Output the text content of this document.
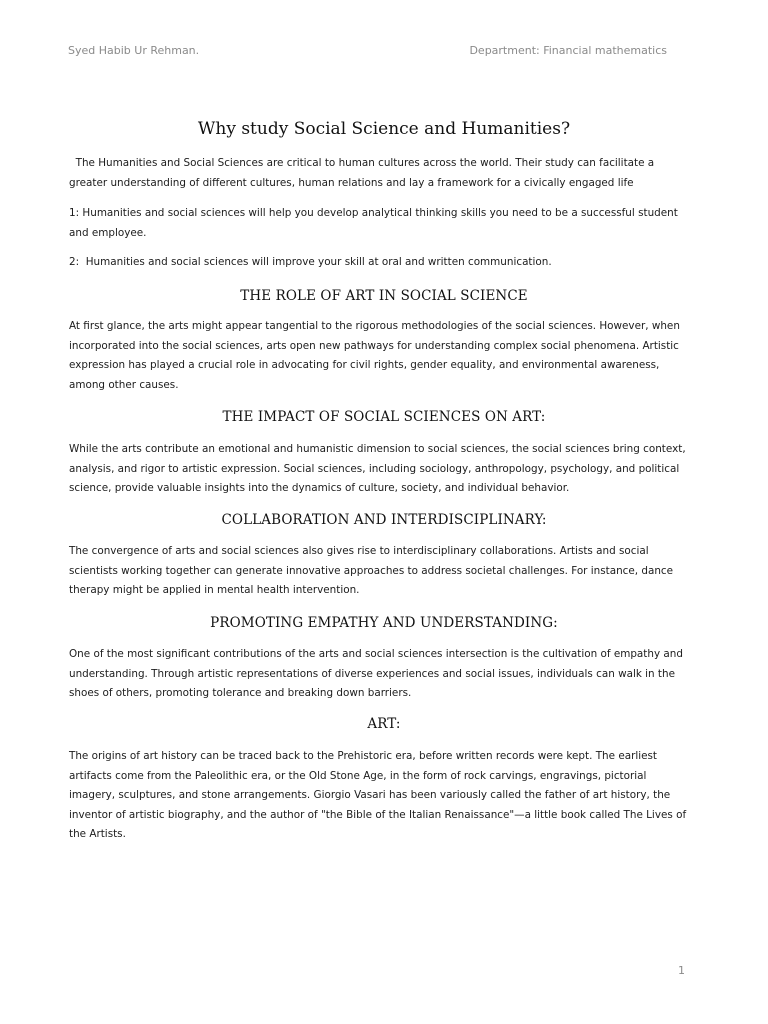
Syed Habib Ur Rehman.	Department: Financial mathematics
Why study Social Science and Humanities?

The Humanities and Social Sciences are critical to human cultures across the world. Their study can facilitate a greater understanding of different cultures, human relations and lay a framework for a civically engaged life

1: Humanities and social sciences will help you develop analytical thinking skills you need to be a successful student and employee.

2:  Humanities and social sciences will improve your skill at oral and written communication.

THE ROLE OF ART IN SOCIAL SCIENCE

At first glance, the arts might appear tangential to the rigorous methodologies of the social sciences. However, when incorporated into the social sciences, arts open new pathways for understanding complex social phenomena. Artistic expression has played a crucial role in advocating for civil rights, gender equality, and environmental awareness, among other causes.

THE IMPACT OF SOCIAL SCIENCES ON ART:

While the arts contribute an emotional and humanistic dimension to social sciences, the social sciences bring context, analysis, and rigor to artistic expression. Social sciences, including sociology, anthropology, psychology, and political science, provide valuable insights into the dynamics of culture, society, and individual behavior.

COLLABORATION AND INTERDISCIPLINARY:

The convergence of arts and social sciences also gives rise to interdisciplinary collaborations. Artists and social scientists working together can generate innovative approaches to address societal challenges. For instance, dance therapy might be applied in mental health intervention.

PROMOTING EMPATHY AND UNDERSTANDING:

One of the most significant contributions of the arts and social sciences intersection is the cultivation of empathy and understanding. Through artistic representations of diverse experiences and social issues, individuals can walk in the shoes of others, promoting tolerance and breaking down barriers.

ART:

The origins of art history can be traced back to the Prehistoric era, before written records were kept. The earliest artifacts come from the Paleolithic era, or the Old Stone Age, in the form of rock carvings, engravings, pictorial imagery, sculptures, and stone arrangements. Giorgio Vasari has been variously called the father of art history, the inventor of artistic biography, and the author of "the Bible of the Italian Renaissance"—a little book called The Lives of the Artists.

1
